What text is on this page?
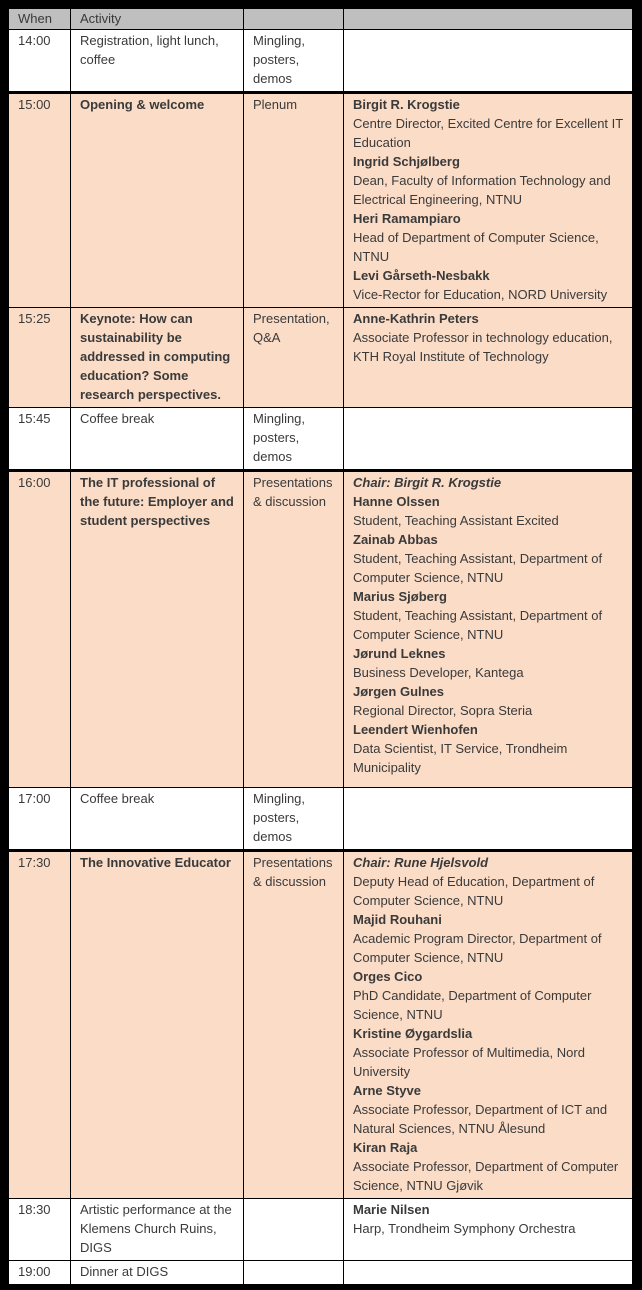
When	Activity		
14:00	Registration, light lunch, coffee	Mingling, posters, demos	
15:00	Opening & welcome	Plenum	Birgit R. Krogstie
Centre Director, Excited Centre for Excellent IT Education
Ingrid Schjølberg
Dean, Faculty of Information Technology and Electrical Engineering, NTNU
Heri Ramampiaro
Head of Department of Computer Science, NTNU
Levi Gårseth-Nesbakk
Vice-Rector for Education, NORD University

15:25	Keynote: How can sustainability be addressed in computing education? Some research perspectives.	Presentation, Q&A	Anne-Kathrin Peters
Associate Professor in technology education, KTH Royal Institute of Technology

15:45	Coffee break	Mingling, posters, demos	
16:00	The IT professional of the future: Employer and student perspectives	Presentations & discussion	
Chair: Birgit R. Krogstie
Hanne Olssen
Student, Teaching Assistant Excited
Zainab Abbas
Student, Teaching Assistant, Department of Computer Science, NTNU
Marius Sjøberg
Student, Teaching Assistant, Department of Computer Science, NTNU
Jørund Leknes
Business Developer, Kantega
Jørgen Gulnes
Regional Director, Sopra Steria
Leendert Wienhofen
Data Scientist, IT Service, Trondheim Municipality

17:00	Coffee break	Mingling, posters, demos	
17:30	The Innovative Educator	Presentations & discussion	
Chair: Rune Hjelsvold
Deputy Head of Education, Department of Computer Science, NTNU
Majid Rouhani
Academic Program Director, Department of Computer Science, NTNU
Orges Cico
PhD Candidate, Department of Computer Science, NTNU
Kristine Øygardslia
Associate Professor of Multimedia, Nord University
Arne Styve
Associate Professor, Department of ICT and Natural Sciences, NTNU Ålesund
Kiran Raja
Associate Professor, Department of Computer Science, NTNU Gjøvik

18:30	Artistic performance at the Klemens Church Ruins, DIGS		Marie Nilsen
Harp, Trondheim Symphony Orchestra

19:00	Dinner at DIGS		
